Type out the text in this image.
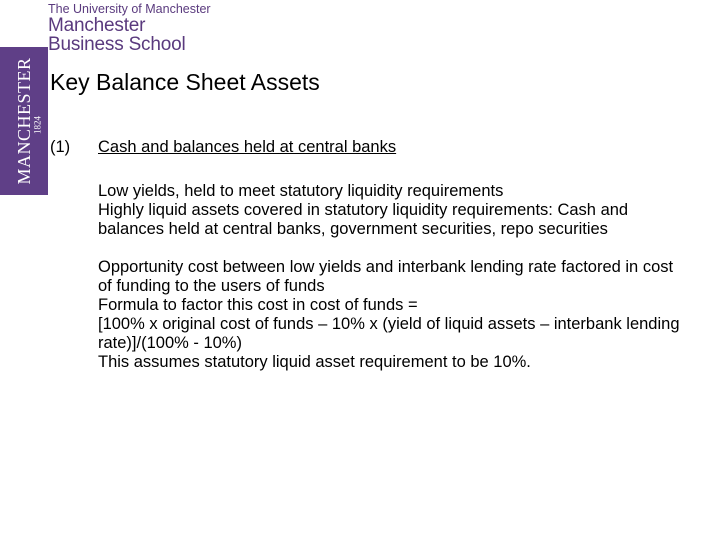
The University of Manchester
Manchester
Business School
MANCHESTER
1824
Key Balance Sheet Assets
(1) Cash and balances held at central banks

Low yields, held to meet statutory liquidity requirements

Highly liquid assets covered in statutory liquidity requirements: Cash and balances held at central banks, government securities, repo securities

Opportunity cost between low yields and interbank lending rate factored in cost of funding to the users of funds

Formula to factor this cost in cost of funds =

[100% x original cost of funds – 10% x (yield of liquid assets – interbank lending rate)]/(100% - 10%)

This assumes statutory liquid asset requirement to be 10%.
